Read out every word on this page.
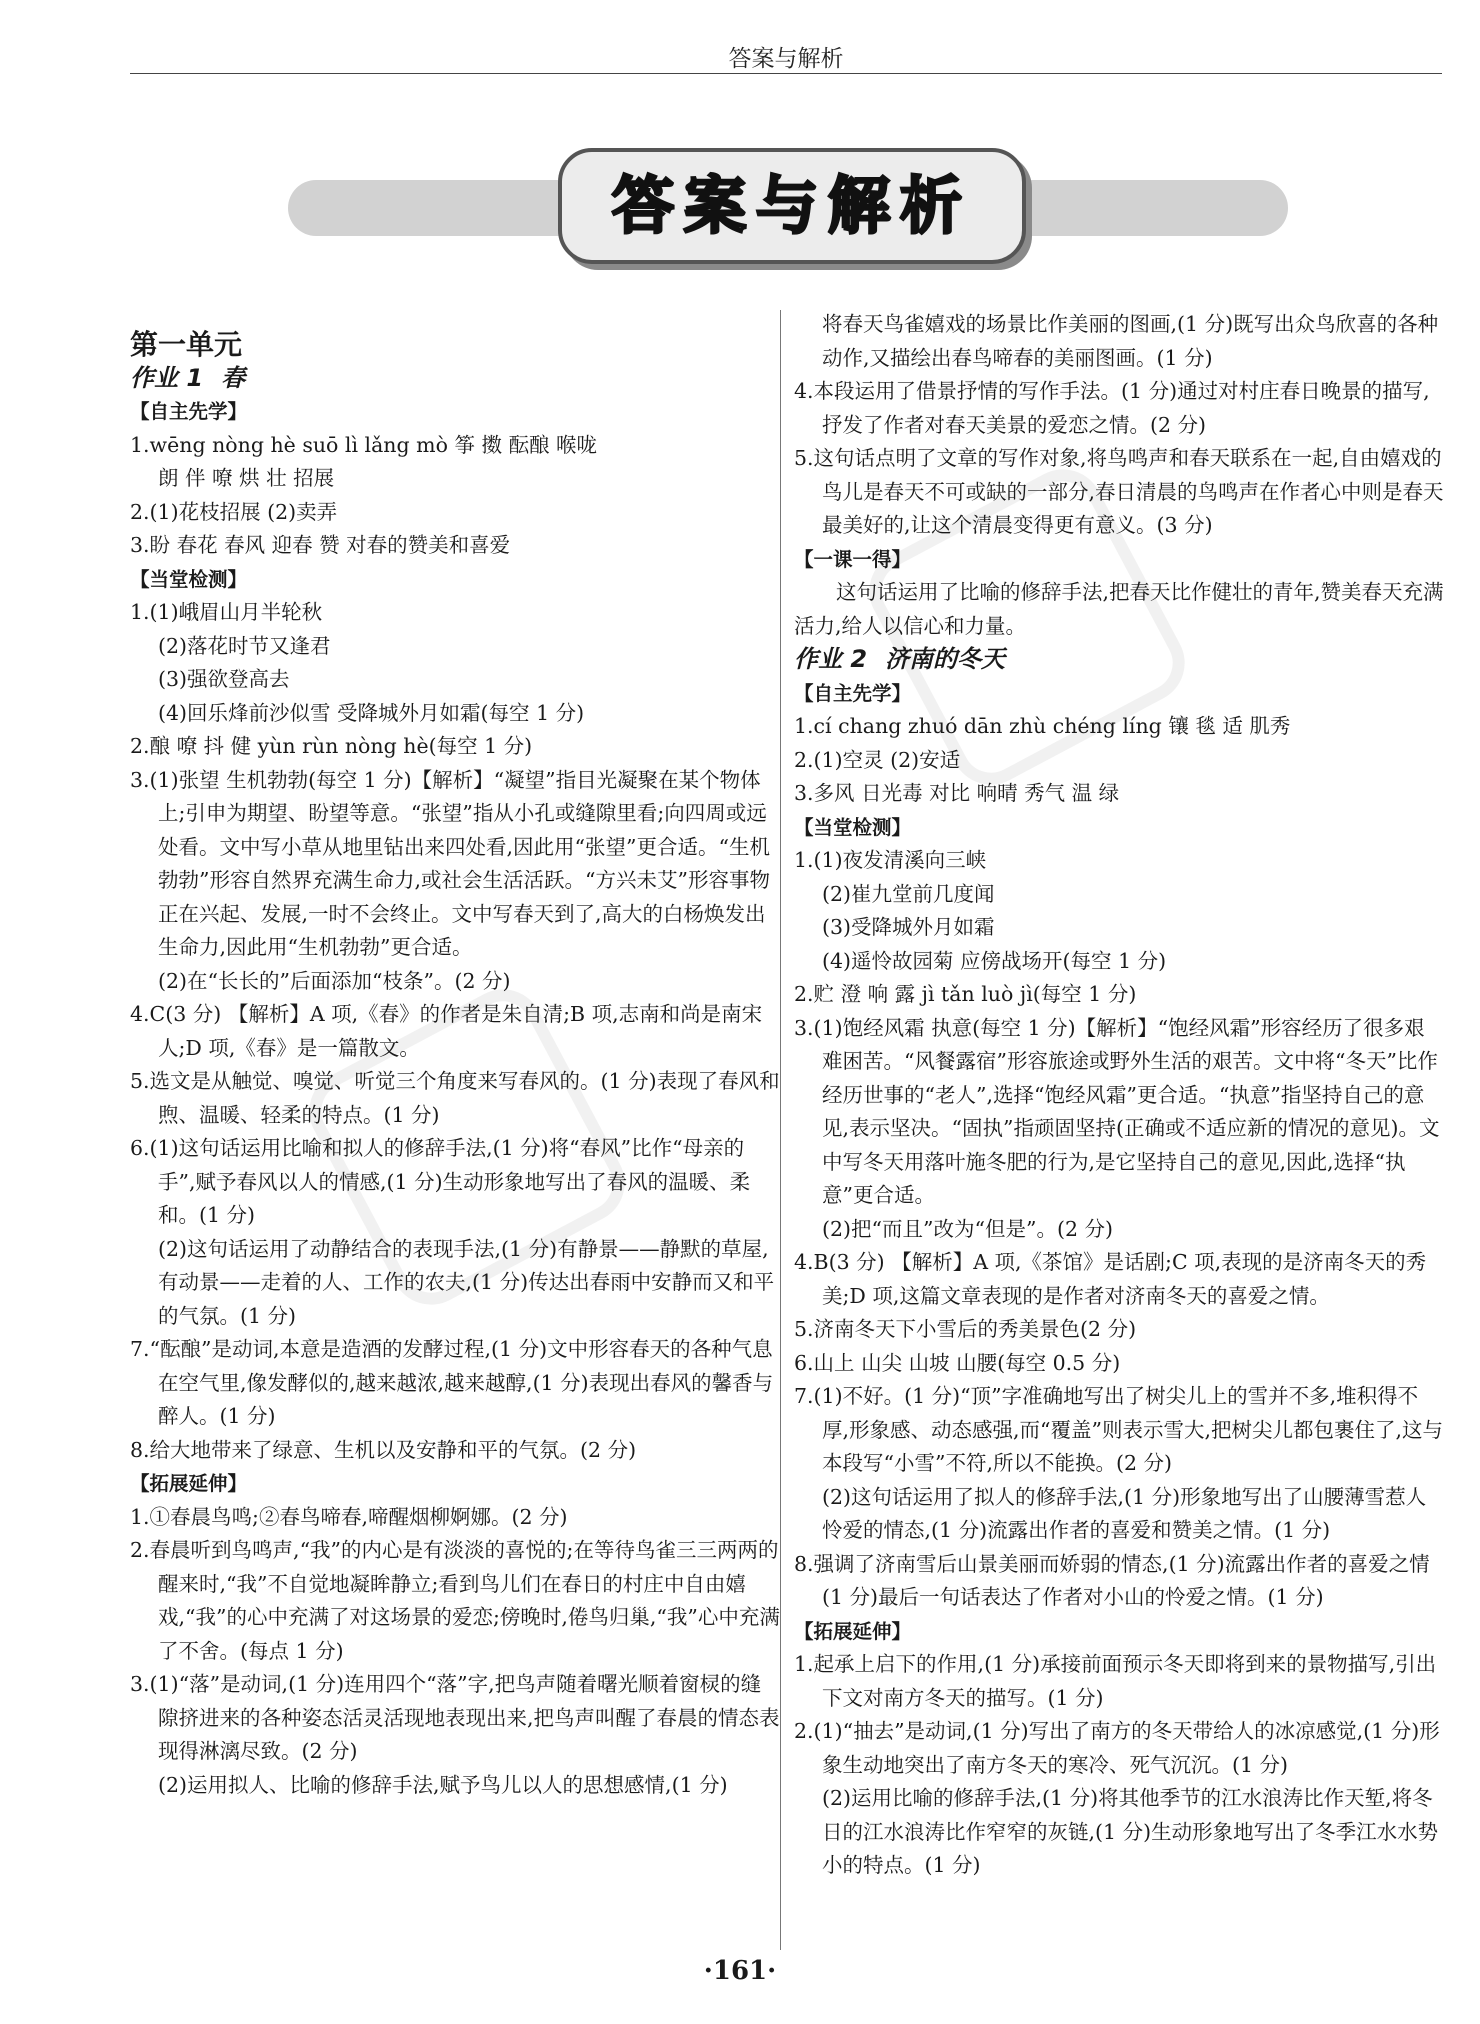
答案与解析
答案与解析

第一单元

作业 1 春

【自主先学】

1.wēng nòng hè suō lì lǎng mò 筝 擞 酝酿 喉咙

朗 伴 嘹 烘 壮 招展

2.(1)花枝招展 (2)卖弄

3.盼 春花 春风 迎春 赞 对春的赞美和喜爱

【当堂检测】

1.(1)峨眉山月半轮秋

(2)落花时节又逢君

(3)强欲登高去

(4)回乐烽前沙似雪 受降城外月如霜(每空 1 分)

2.酿 嘹 抖 健 yùn rùn nòng hè(每空 1 分)

3.(1)张望 生机勃勃(每空 1 分)【解析】“凝望”指目光凝聚在某个物体上;引申为期望、盼望等意。“张望”指从小孔或缝隙里看;向四周或远处看。文中写小草从地里钻出来四处看,因此用“张望”更合适。“生机勃勃”形容自然界充满生命力,或社会生活活跃。“方兴未艾”形容事物正在兴起、发展,一时不会终止。文中写春天到了,高大的白杨焕发出生命力,因此用“生机勃勃”更合适。

(2)在“长长的”后面添加“枝条”。(2 分)

4.C(3 分) 【解析】A 项,《春》的作者是朱自清;B 项,志南和尚是南宋人;D 项,《春》是一篇散文。

5.选文是从触觉、嗅觉、听觉三个角度来写春风的。(1 分)表现了春风和煦、温暖、轻柔的特点。(1 分)

6.(1)这句话运用比喻和拟人的修辞手法,(1 分)将“春风”比作“母亲的手”,赋予春风以人的情感,(1 分)生动形象地写出了春风的温暖、柔和。(1 分)

(2)这句话运用了动静结合的表现手法,(1 分)有静景——静默的草屋,有动景——走着的人、工作的农夫,(1 分)传达出春雨中安静而又和平的气氛。(1 分)

7.“酝酿”是动词,本意是造酒的发酵过程,(1 分)文中形容春天的各种气息在空气里,像发酵似的,越来越浓,越来越醇,(1 分)表现出春风的馨香与醉人。(1 分)

8.给大地带来了绿意、生机以及安静和平的气氛。(2 分)

【拓展延伸】

1.①春晨鸟鸣;②春鸟啼春,啼醒烟柳婀娜。(2 分)

2.春晨听到鸟鸣声,“我”的内心是有淡淡的喜悦的;在等待鸟雀三三两两的醒来时,“我”不自觉地凝眸静立;看到鸟儿们在春日的村庄中自由嬉戏,“我”的心中充满了对这场景的爱恋;傍晚时,倦鸟归巢,“我”心中充满了不舍。(每点 1 分)

3.(1)“落”是动词,(1 分)连用四个“落”字,把鸟声随着曙光顺着窗棂的缝隙挤进来的各种姿态活灵活现地表现出来,把鸟声叫醒了春晨的情态表现得淋漓尽致。(2 分)

(2)运用拟人、比喻的修辞手法,赋予鸟儿以人的思想感情,(1 分)

将春天鸟雀嬉戏的场景比作美丽的图画,(1 分)既写出众鸟欣喜的各种动作,又描绘出春鸟啼春的美丽图画。(1 分)

4.本段运用了借景抒情的写作手法。(1 分)通过对村庄春日晚景的描写,抒发了作者对春天美景的爱恋之情。(2 分)

5.这句话点明了文章的写作对象,将鸟鸣声和春天联系在一起,自由嬉戏的鸟儿是春天不可或缺的一部分,春日清晨的鸟鸣声在作者心中则是春天最美好的,让这个清晨变得更有意义。(3 分)

【一课一得】

这句话运用了比喻的修辞手法,把春天比作健壮的青年,赞美春天充满活力,给人以信心和力量。

作业 2 济南的冬天

【自主先学】

1.cí chang zhuó dān zhù chéng líng 镶 毯 适 肌秀

2.(1)空灵 (2)安适

3.多风 日光毒 对比 响晴 秀气 温 绿

【当堂检测】

1.(1)夜发清溪向三峡

(2)崔九堂前几度闻

(3)受降城外月如霜

(4)遥怜故园菊 应傍战场开(每空 1 分)

2.贮 澄 响 露 jì tǎn luò jì(每空 1 分)

3.(1)饱经风霜 执意(每空 1 分)【解析】“饱经风霜”形容经历了很多艰难困苦。“风餐露宿”形容旅途或野外生活的艰苦。文中将“冬天”比作经历世事的“老人”,选择“饱经风霜”更合适。“执意”指坚持自己的意见,表示坚决。“固执”指顽固坚持(正确或不适应新的情况的意见)。文中写冬天用落叶施冬肥的行为,是它坚持自己的意见,因此,选择“执意”更合适。

(2)把“而且”改为“但是”。(2 分)

4.B(3 分) 【解析】A 项,《茶馆》是话剧;C 项,表现的是济南冬天的秀美;D 项,这篇文章表现的是作者对济南冬天的喜爱之情。

5.济南冬天下小雪后的秀美景色(2 分)

6.山上 山尖 山坡 山腰(每空 0.5 分)

7.(1)不好。(1 分)“顶”字准确地写出了树尖儿上的雪并不多,堆积得不厚,形象感、动态感强,而“覆盖”则表示雪大,把树尖儿都包裹住了,这与本段写“小雪”不符,所以不能换。(2 分)

(2)这句话运用了拟人的修辞手法,(1 分)形象地写出了山腰薄雪惹人怜爱的情态,(1 分)流露出作者的喜爱和赞美之情。(1 分)

8.强调了济南雪后山景美丽而娇弱的情态,(1 分)流露出作者的喜爱之情(1 分)最后一句话表达了作者对小山的怜爱之情。(1 分)

【拓展延伸】

1.起承上启下的作用,(1 分)承接前面预示冬天即将到来的景物描写,引出下文对南方冬天的描写。(1 分)

2.(1)“抽去”是动词,(1 分)写出了南方的冬天带给人的冰凉感觉,(1 分)形象生动地突出了南方冬天的寒冷、死气沉沉。(1 分)

(2)运用比喻的修辞手法,(1 分)将其他季节的江水浪涛比作天堑,将冬日的江水浪涛比作窄窄的灰链,(1 分)生动形象地写出了冬季江水水势小的特点。(1 分)

·161·
